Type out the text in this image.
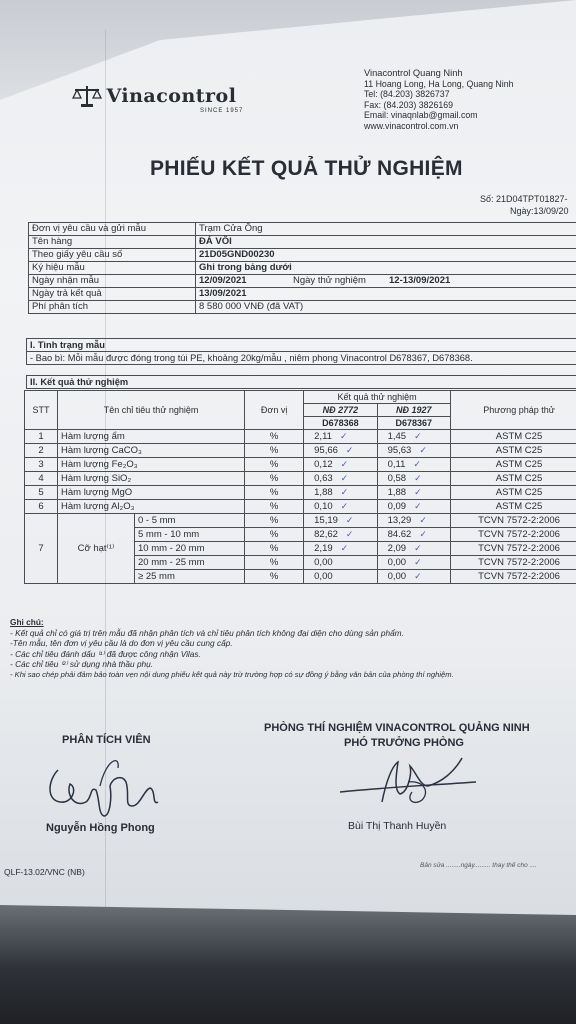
Vinacontrol
SINCE 1957
Vinacontrol Quang Ninh
11 Hoang Long, Ha Long, Quang Ninh
Tel: (84.203) 3826737
Fax: (84.203) 3826169
Email: vinaqnlab@gmail.com
www.vinacontrol.com.vn
PHIẾU KẾT QUẢ THỬ NGHIỆM
Số: 21D04TPT01827-
Ngày:13/09/20
Đơn vị yêu cầu và gửi mẫu	Trạm Cửa Ông		
Tên hàng	ĐÁ VÔI		
Theo giấy yêu cầu số	21D05GND00230		
Ký hiệu mẫu	Ghi trong bảng dưới		
Ngày nhận mẫu	12/09/2021	Ngày thử nghiệm	12-13/09/2021
Ngày trả kết quả	13/09/2021		
Phí phân tích	8 580 000 VNĐ (đã VAT)		
I. Tình trạng mẫu
- Bao bì: Mỗi mẫu được đóng trong túi PE, khoảng 20kg/mẫu , niêm phong Vinacontrol D678367, D678368.
II. Kết quả thử nghiệm
STT	Tên chỉ tiêu thử nghiệm		Đơn vị	Kết quả thử nghiệm		Phương pháp thử
				NĐ 2772	NĐ 1927	
				D678368	D678367	
1	Hàm lượng ẩm		%	2,11 ✓	1,45 ✓	ASTM C25
2	Hàm lượng CaCO₃		%	95,66 ✓	95,63 ✓	ASTM C25
3	Hàm lượng Fe₂O₃		%	0,12 ✓	0,11 ✓	ASTM C25
4	Hàm lượng SiO₂		%	0,63 ✓	0,58 ✓	ASTM C25
5	Hàm lượng MgO		%	1,88 ✓	1,88 ✓	ASTM C25
6	Hàm lượng Al₂O₃		%	0,10 ✓	0,09 ✓	ASTM C25
7	Cỡ hạt⁽¹⁾	0 - 5 mm	%	15,19 ✓	13,29 ✓	TCVN 7572-2:2006
		5 mm - 10 mm	%	82,62 ✓	84.62 ✓	TCVN 7572-2:2006
		10 mm - 20 mm	%	2,19 ✓	2,09 ✓	TCVN 7572-2:2006
		20 mm - 25 mm	%	0,00	0,00 ✓	TCVN 7572-2:2006
		≥ 25 mm	%	0,00	0,00 ✓	TCVN 7572-2:2006
Ghi chú:
- Kết quả chỉ có giá trị trên mẫu đã nhận phân tích và chỉ tiêu phân tích không đại diện cho dùng sản phẩm.
-Tên mẫu, tên đơn vị yêu cầu là do đơn vị yêu cầu cung cấp.
- Các chỉ tiêu đánh dấu ⁽¹⁾ đã được công nhận Vilas.
- Các chỉ tiêu ⁽²⁾ sử dụng nhà thầu phụ.
- Khi sao chép phải đảm bảo toàn vẹn nội dung phiếu kết quả này trừ trường hợp có sự đồng ý bằng văn bản của phòng thí nghiệm.
PHÂN TÍCH VIÊN
PHÒNG THÍ NGHIỆM VINACONTROL QUẢNG NINH
PHÓ TRƯỞNG PHÒNG
Nguyễn Hồng Phong	Bùi Thị Thanh Huyền
QLF-13.02/VNC (NB)
Bản sửa ........ngày......... thay thế cho ....
